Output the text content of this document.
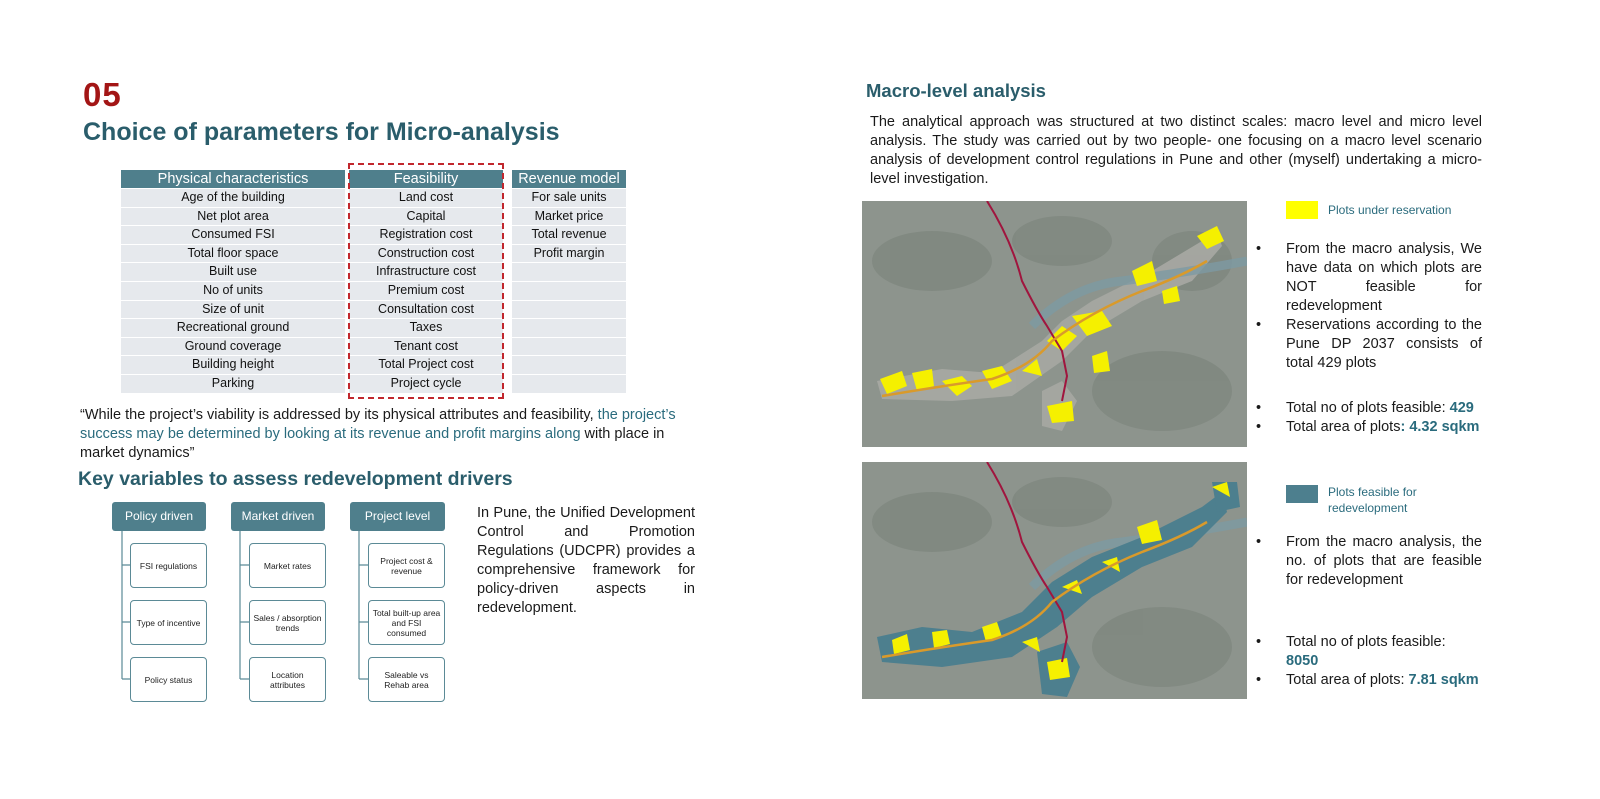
05
Choice of parameters for Micro-analysis
Physical characteristics
Age of the building
Net plot area
Consumed FSI
Total floor space
Built use
No of units
Size of unit
Recreational ground
Ground coverage
Building height
Parking
Feasibility
Land cost
Capital
Registration cost
Construction cost
Infrastructure cost
Premium cost
Consultation cost
Taxes
Tenant cost
Total Project cost
Project cycle
Revenue model
For sale units
Market price
Total revenue
Profit margin
“While the project’s viability is addressed by its physical attributes and feasibility, the project’s success may be determined by looking at its revenue and profit margins along with place in market dynamics”
Key variables to assess redevelopment drivers
Policy driven	Market driven	Project level
FSI regulations
Type of incentive
Policy status
Market rates
Sales / absorption trends
Location attributes
Project cost & revenue
Total built-up area and FSI consumed
Saleable vs Rehab area
In Pune, the Unified Development Control and Promotion Regulations (UDCPR) provides a comprehensive framework for policy-driven aspects in redevelopment.
Macro-level analysis
The analytical approach was structured at two distinct scales: macro level and micro level analysis. The study was carried out by two people- one focusing on a macro level scenario analysis of development control regulations in Pune and other (myself) undertaking a micro-level investigation.
Plots under reservation
• From the macro analysis, We have data on which plots are NOT feasible for redevelopment
• Reservations according to the Pune DP 2037 consists of total 429 plots
• Total no of plots feasible: 429
• Total area of plots: 4.32 sqkm
Plots feasible for redevelopment
• From the macro analysis, the no. of plots that are feasible for redevelopment
• Total no of plots feasible:
8050
• Total area of plots: 7.81 sqkm
